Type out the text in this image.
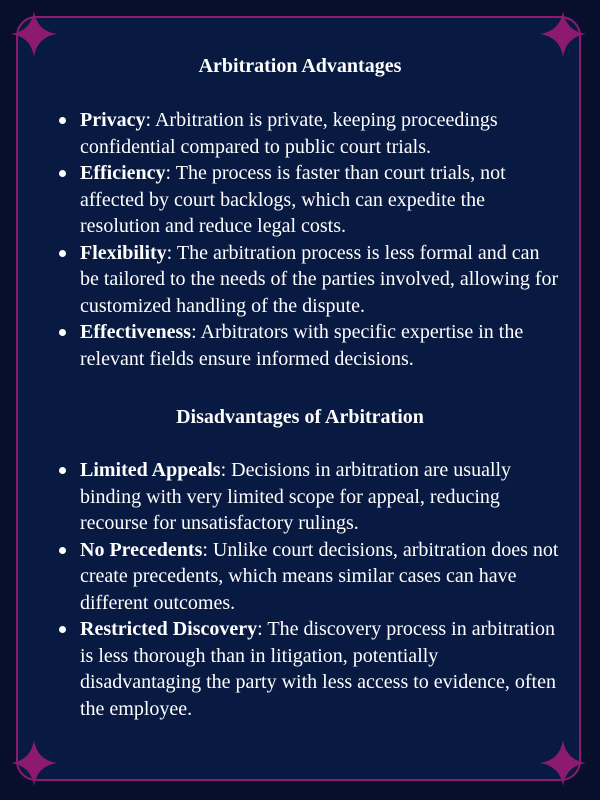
Arbitration Advantages
Privacy: Arbitration is private, keeping proceedings confidential compared to public court trials.
Efficiency: The process is faster than court trials, not affected by court backlogs, which can expedite the resolution and reduce legal costs.
Flexibility: The arbitration process is less formal and can be tailored to the needs of the parties involved, allowing for customized handling of the dispute.
Effectiveness: Arbitrators with specific expertise in the relevant fields ensure informed decisions.
Disadvantages of Arbitration
Limited Appeals: Decisions in arbitration are usually binding with very limited scope for appeal, reducing recourse for unsatisfactory rulings.
No Precedents: Unlike court decisions, arbitration does not create precedents, which means similar cases can have different outcomes.
Restricted Discovery: The discovery process in arbitration is less thorough than in litigation, potentially disadvantaging the party with less access to evidence, often the employee.
